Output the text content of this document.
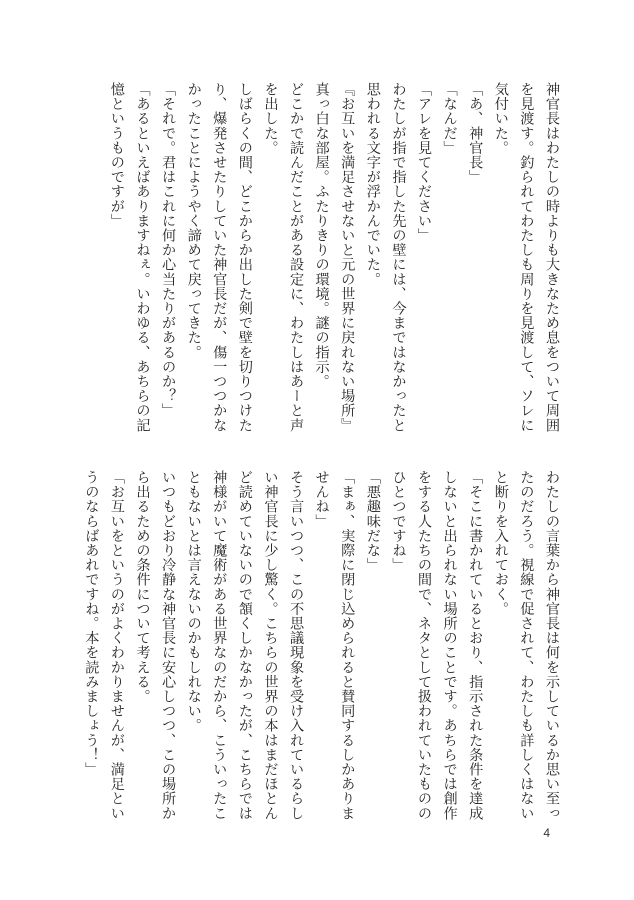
神官長はわたしの時よりも大きなため息をついて周囲を見渡す。釣られてわたしも周りを見渡して、ソレに気付いた。

「あ、神官長」

「なんだ」

「アレを見てください」

わたしが指で指した先の壁には、今まではなかったと思われる文字が浮かんでいた。

『お互いを満足させないと元の世界に戻れない場所』

真っ白な部屋。ふたりきりの環境。謎の指示。

どこかで読んだことがある設定に、わたしはあーと声を出した。

しばらくの間、どこからか出した剣で壁を切りつけたり、爆発させたりしていた神官長だが、傷一つつかなかったことにようやく諦めて戻ってきた。

「それで。君はこれに何か心当たりがあるのか？」

「あるといえばありますねぇ。いわゆる、あちらの記憶というものですが」

わたしの言葉から神官長は何を示しているか思い至ったのだろう。視線で促されて、わたしも詳しくはないと断りを入れておく。

「そこに書かれているとおり、指示された条件を達成しないと出られない場所のことです。あちらでは創作をする人たちの間で、ネタとして扱われていたもののひとつですね」

「悪趣味だな」

「まぁ、実際に閉じ込められると賛同するしかありませんね」

そう言いつつ、この不思議現象を受け入れているらしい神官長に少し驚く。こちらの世界の本はまだほとんど読めていないので頷くしかなかったが、こちらでは神様がいて魔術がある世界なのだから、こういったこともないとは言えないのかもしれない。

いつもどおり冷静な神官長に安心しつつ、この場所から出るための条件について考える。

「お互いをというのがよくわかりませんが、満足というのならばあれですね。本を読みましょう！」

4
